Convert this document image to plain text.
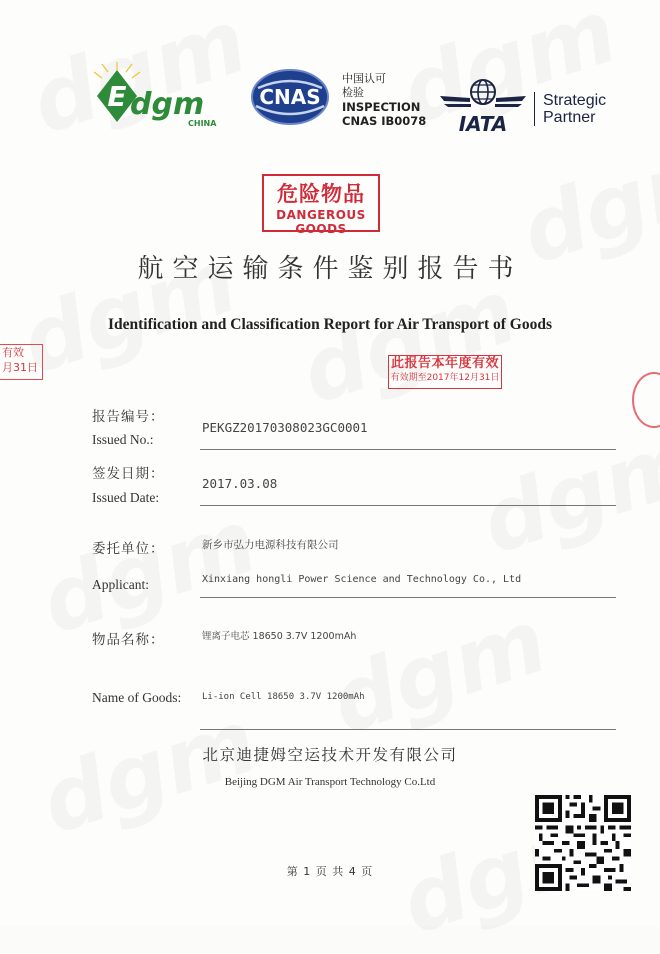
E dgm
CHINA
CNAS
中国认可
检验
INSPECTION
CNAS IB0078 IATA
Strategic
Partner
危险物品
DANGEROUS GOODS
航空运输条件鉴别报告书
Identification and Classification Report for Air Transport of Goods
此报告本年度有效
有效期至2017年12月31日
有效
月31日
报告编号：
Issued No.:
PEKGZ20170308023GC0001
签发日期：
Issued Date:
2017.03.08
委托单位：	新乡市弘力电源科技有限公司
Applicant:	Xinxiang hongli Power Science and Technology Co., Ltd
物品名称：	锂离子电芯 18650 3.7V 1200mAh
Name of Goods: Li-ion Cell 18650 3.7V 1200mAh
北京迪捷姆空运技术开发有限公司
Beijing DGM Air Transport Technology Co.Ltd
第 1 页 共 4 页
